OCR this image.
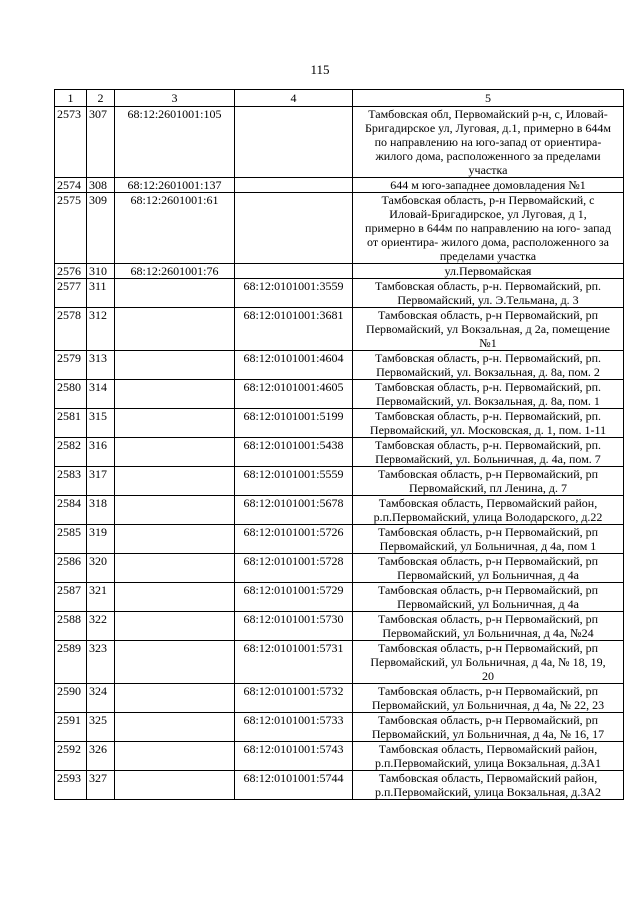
115
1	2	3	4	5
2573	307	68:12:2601001:105		Тамбовская обл, Первомайский р-н, с, Иловай-
Бригадирское ул, Луговая, д.1, примерно в 644м
по направлению на юго-запад от ориентира-
жилого дома, расположенного за пределами
участка
2574	308	68:12:2601001:137		644 м юго-западнее домовладения №1
2575	309	68:12:2601001:61		Тамбовская область, р-н Первомайский, с
Иловай-Бригадирское, ул Луговая, д 1,
примерно в 644м по направлению на юго- запад
от ориентира- жилого дома, расположенного за
пределами участка
2576	310	68:12:2601001:76		ул.Первомайская
2577	311		68:12:0101001:3559	Тамбовская область, р-н. Первомайский, рп.
Первомайский, ул. Э.Тельмана, д. 3
2578	312		68:12:0101001:3681	Тамбовская область, р-н Первомайский, рп
Первомайский, ул Вокзальная, д 2а, помещение
№1
2579	313		68:12:0101001:4604	Тамбовская область, р-н. Первомайский, рп.
Первомайский, ул. Вокзальная, д. 8а, пом. 2
2580	314		68:12:0101001:4605	Тамбовская область, р-н. Первомайский, рп.
Первомайский, ул. Вокзальная, д. 8а, пом. 1
2581	315		68:12:0101001:5199	Тамбовская область, р-н. Первомайский, рп.
Первомайский, ул. Московская, д. 1, пом. 1-11
2582	316		68:12:0101001:5438	Тамбовская область, р-н. Первомайский, рп.
Первомайский, ул. Больничная, д. 4а, пом. 7
2583	317		68:12:0101001:5559	Тамбовская область, р-н Первомайский, рп
Первомайский, пл Ленина, д. 7
2584	318		68:12:0101001:5678	Тамбовская область, Первомайский район,
р.п.Первомайский, улица Володарского, д.22
2585	319		68:12:0101001:5726	Тамбовская область, р-н Первомайский, рп
Первомайский, ул Больничная, д 4а, пом 1
2586	320		68:12:0101001:5728	Тамбовская область, р-н Первомайский, рп
Первомайский, ул Больничная, д 4а
2587	321		68:12:0101001:5729	Тамбовская область, р-н Первомайский, рп
Первомайский, ул Больничная, д 4а
2588	322		68:12:0101001:5730	Тамбовская область, р-н Первомайский, рп
Первомайский, ул Больничная, д 4а, №24
2589	323		68:12:0101001:5731	Тамбовская область, р-н Первомайский, рп
Первомайский, ул Больничная, д 4а, № 18, 19,
20
2590	324		68:12:0101001:5732	Тамбовская область, р-н Первомайский, рп
Первомайский, ул Больничная, д 4а, № 22, 23
2591	325		68:12:0101001:5733	Тамбовская область, р-н Первомайский, рп
Первомайский, ул Больничная, д 4а, № 16, 17
2592	326		68:12:0101001:5743	Тамбовская область, Первомайский район,
р.п.Первомайский, улица Вокзальная, д.3А1
2593	327		68:12:0101001:5744	Тамбовская область, Первомайский район,
р.п.Первомайский, улица Вокзальная, д.3А2
